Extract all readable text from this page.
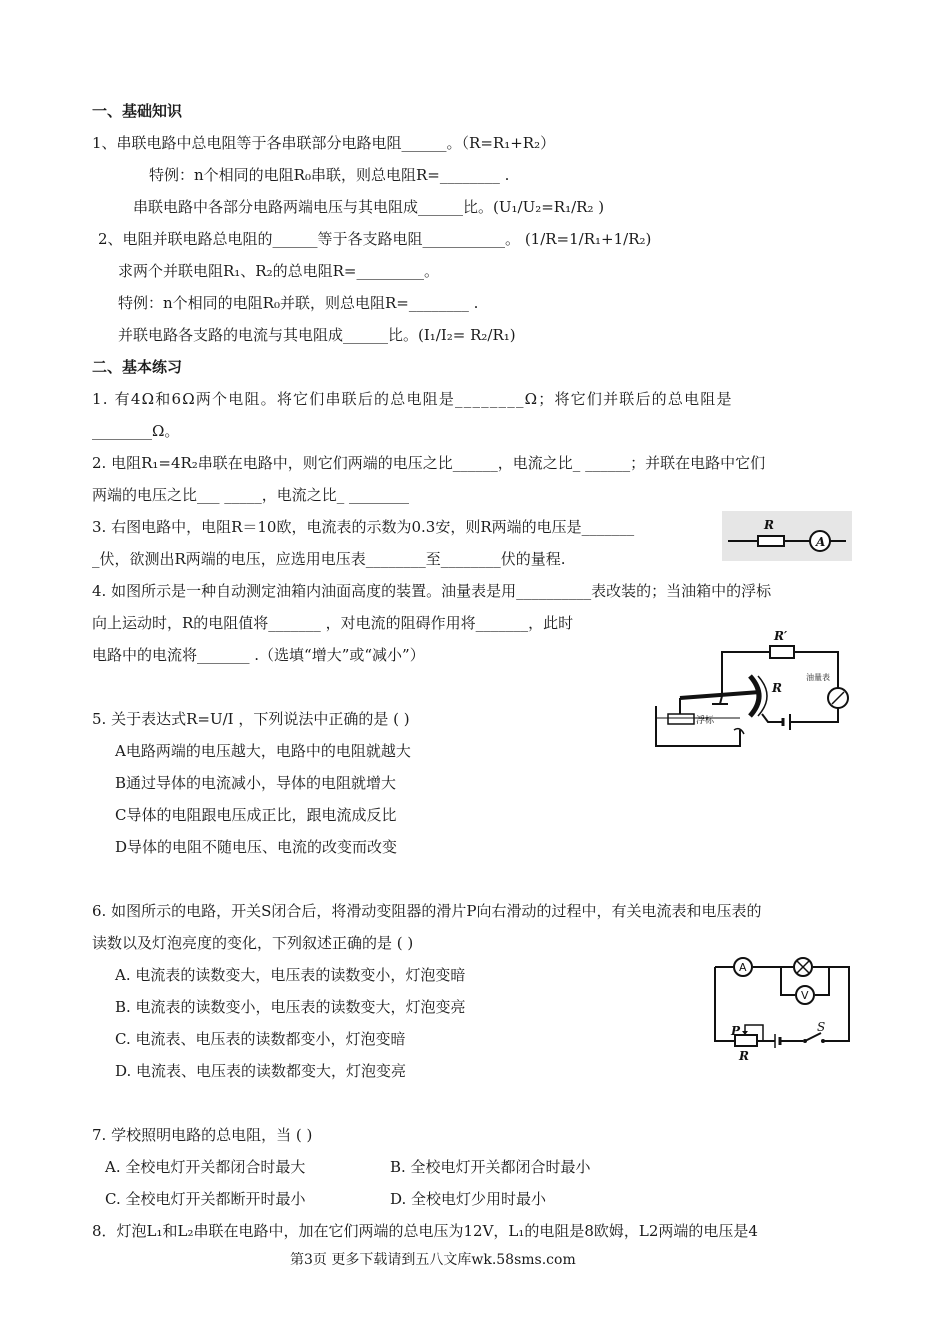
一、基础知识
1、串联电路中总电阻等于各串联部分电路电阻______。（R=R₁+R₂）
特例：n个相同的电阻R₀串联，则总电阻R=________ .
串联电路中各部分电路两端电压与其电阻成______比。(U₁/U₂=R₁/R₂ )
2、电阻并联电路总电阻的______等于各支路电阻___________。 (1/R=1/R₁+1/R₂)
求两个并联电阻R₁、R₂的总电阻R=_________。
特例：n个相同的电阻R₀并联，则总电阻R=________ .
并联电路各支路的电流与其电阻成______比。(I₁/I₂= R₂/R₁)
二、基本练习
1. 有4Ω和6Ω两个电阻。将它们串联后的总电阻是________Ω；将它们并联后的总电阻是
________Ω。
2. 电阻R₁=4R₂串联在电路中，则它们两端的电压之比______，电流之比_ ______；并联在电路中它们
两端的电压之比___ _____，电流之比_ ________
3. 右图电路中，电阻R＝10欧，电流表的示数为0.3安，则R两端的电压是_______
_伏，欲测出R两端的电压，应选用电压表________至________伏的量程.
R
A
4. 如图所示是一种自动测定油箱内油面高度的装置。油量表是用__________表改装的；当油箱中的浮标
向上运动时，R的电阻值将_______ ，对电流的阻碍作用将_______，此时
电路中的电流将_______ .（选填“增大”或“减小”）
R′
R
浮标
油量表
5. 关于表达式R=U/I ，下列说法中正确的是 ( )
A电路两端的电压越大，电路中的电阻就越大
B通过导体的电流减小，导体的电阻就增大
C导体的电阻跟电压成正比，跟电流成反比
D导体的电阻不随电压、电流的改变而改变
6. 如图所示的电路，开关S闭合后，将滑动变阻器的滑片P向右滑动的过程中，有关电流表和电压表的
读数以及灯泡亮度的变化，下列叙述正确的是 ( )
A. 电流表的读数变大，电压表的读数变小，灯泡变暗
B. 电流表的读数变小，电压表的读数变大，灯泡变亮
C. 电流表、电压表的读数都变小，灯泡变暗
D. 电流表、电压表的读数都变大，灯泡变亮
A
V
P
R
S
7. 学校照明电路的总电阻，当 ( )
A. 全校电灯开关都闭合时最大	B. 全校电灯开关都闭合时最小
C. 全校电灯开关都断开时最小	D. 全校电灯少用时最小
8．灯泡L₁和L₂串联在电路中，加在它们两端的总电压为12V，L₁的电阻是8欧姆，L2两端的电压是4
第3页 更多下载请到五八文库wk.58sms.com
